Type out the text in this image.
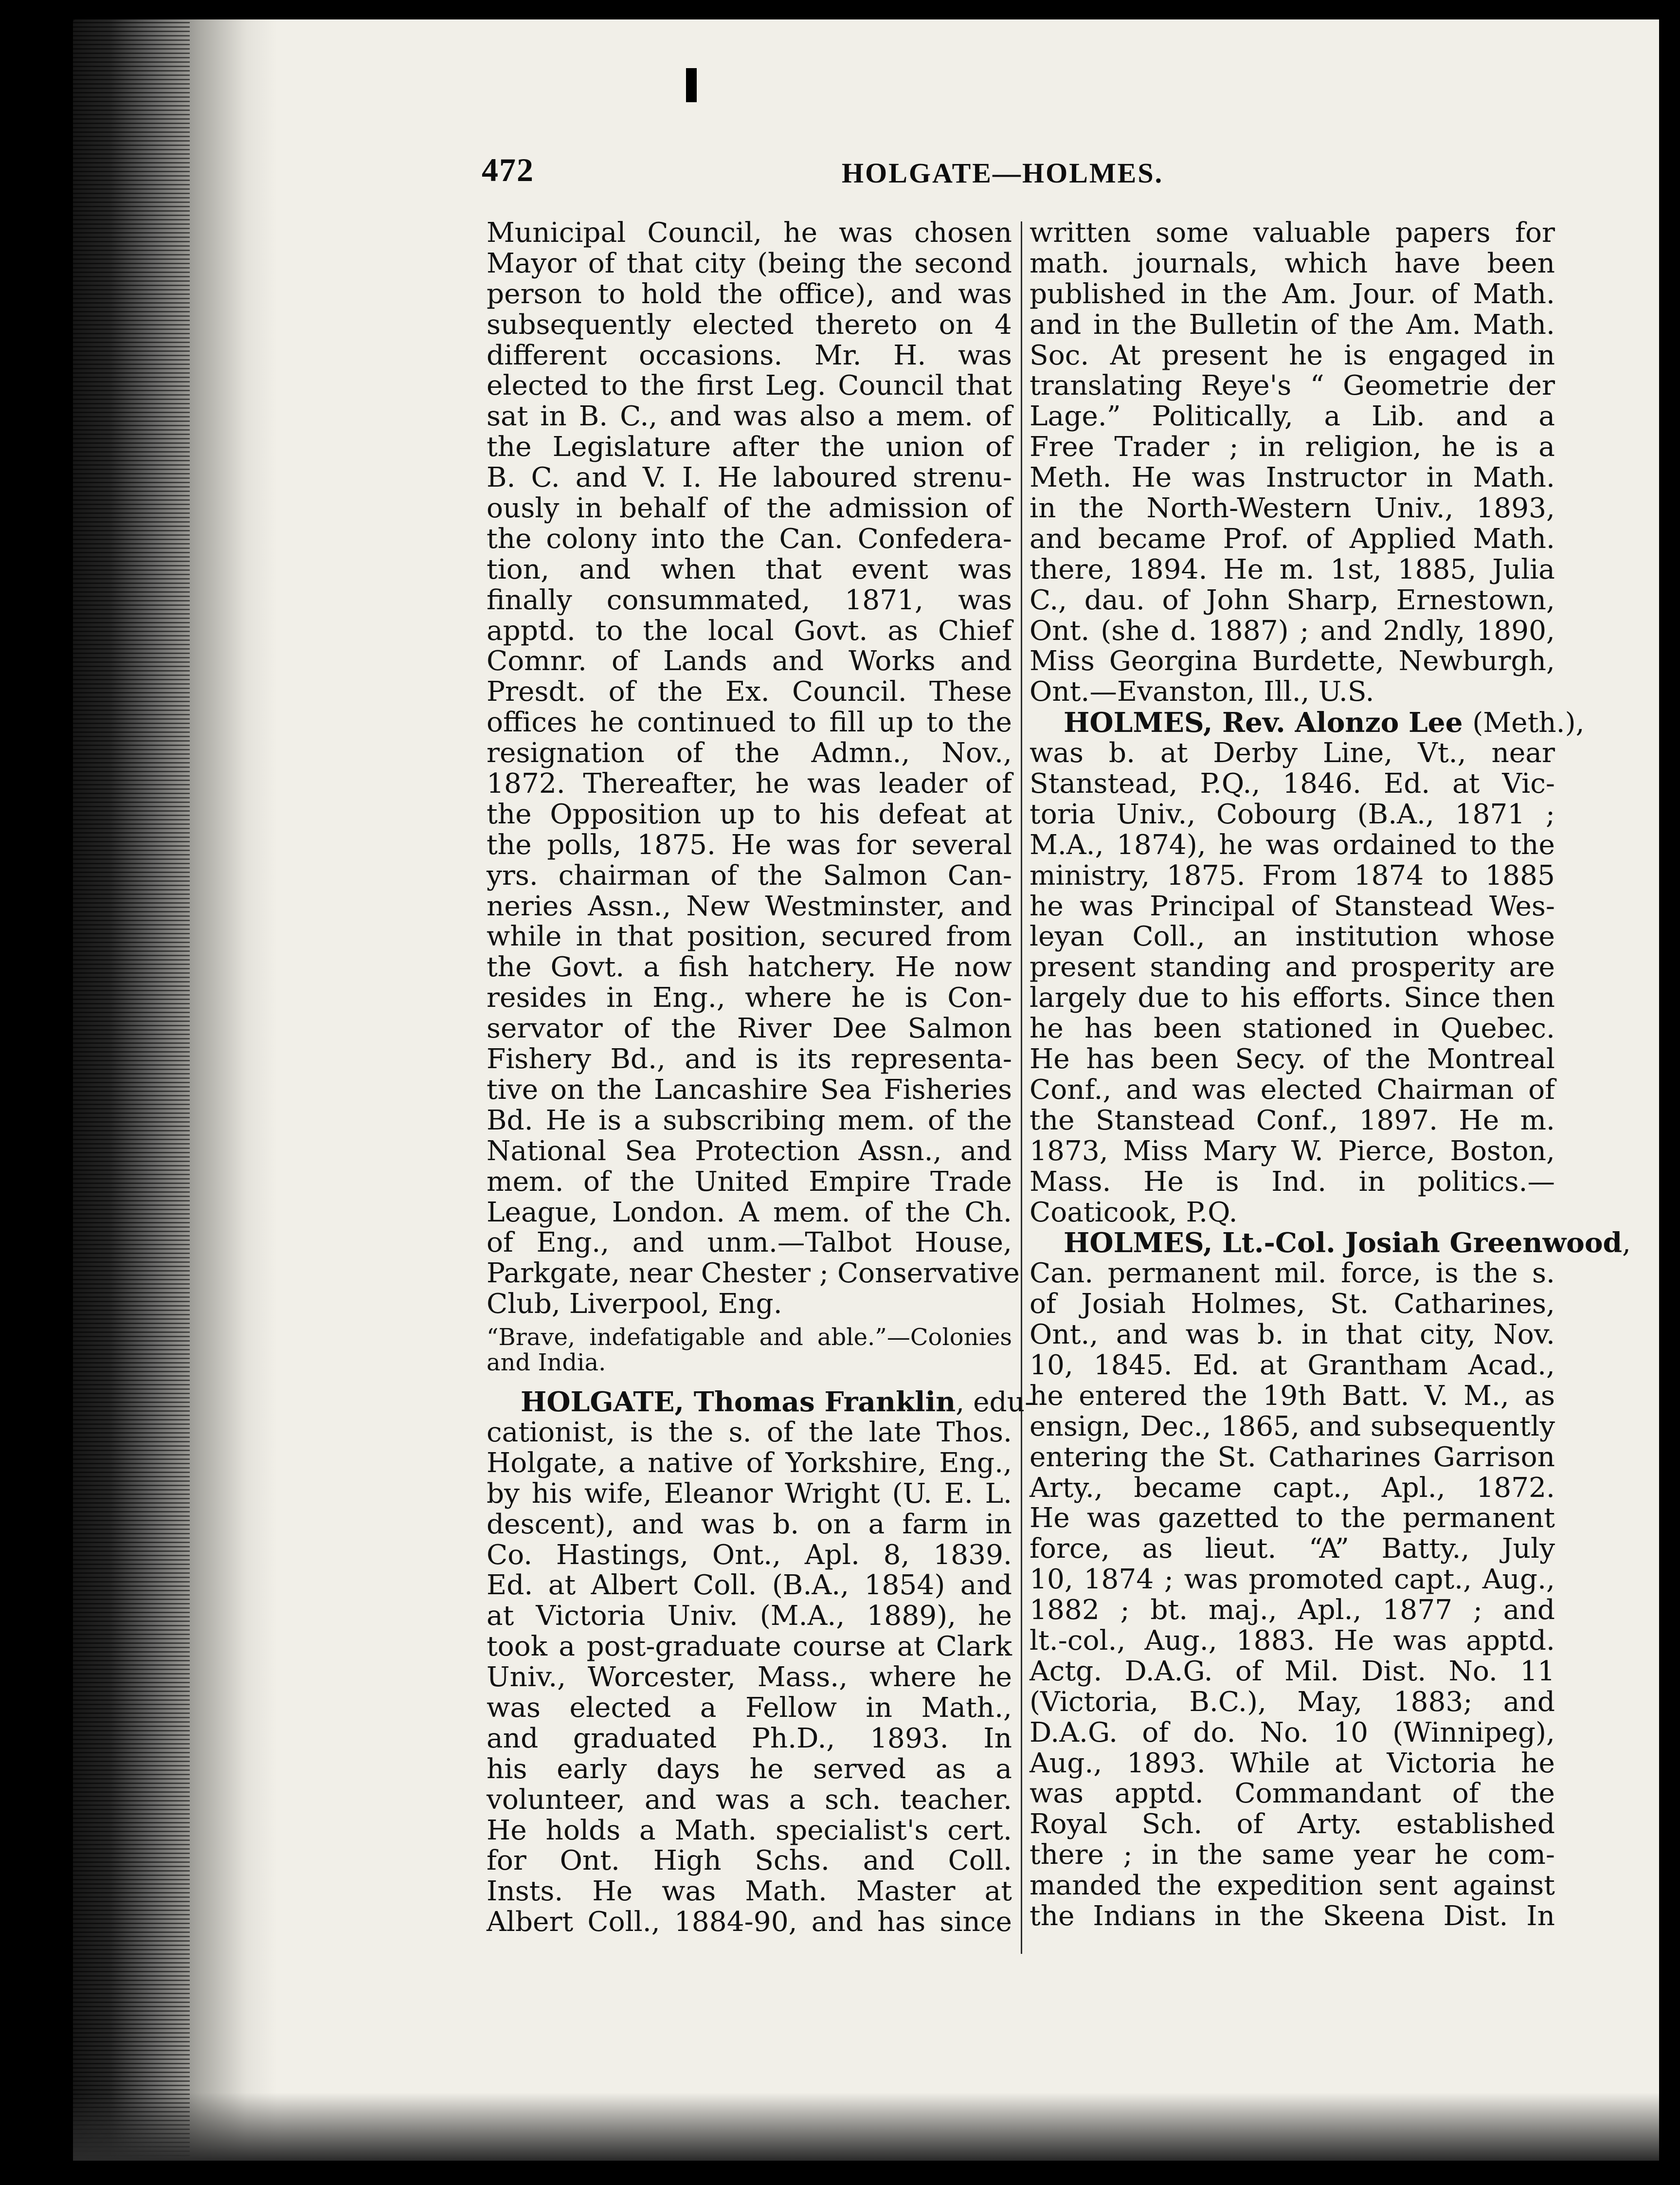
472	HOLGATE—HOLMES.
Municipal Council, he was chosen
Mayor of that city (being the second
person to hold the office), and was
subsequently elected thereto on 4
different occasions. Mr. H. was
elected to the first Leg. Council that
sat in B. C., and was also a mem. of
the Legislature after the union of
B. C. and V. I. He laboured strenu-
ously in behalf of the admission of
the colony into the Can. Confedera-
tion, and when that event was
finally consummated, 1871, was
apptd. to the local Govt. as Chief
Comnr. of Lands and Works and
Presdt. of the Ex. Council. These
offices he continued to fill up to the
resignation of the Admn., Nov.,
1872. Thereafter, he was leader of
the Opposition up to his defeat at
the polls, 1875. He was for several
yrs. chairman of the Salmon Can-
neries Assn., New Westminster, and
while in that position, secured from
the Govt. a fish hatchery. He now
resides in Eng., where he is Con-
servator of the River Dee Salmon
Fishery Bd., and is its representa-
tive on the Lancashire Sea Fisheries
Bd. He is a subscribing mem. of the
National Sea Protection Assn., and
mem. of the United Empire Trade
League, London. A mem. of the Ch.
of Eng., and unm.—Talbot House,
Parkgate, near Chester ; Conservative
Club, Liverpool, Eng.
“Brave, indefatigable and able.”—Colonies
and India.
HOLGATE, Thomas Franklin, edu-
cationist, is the s. of the late Thos.
Holgate, a native of Yorkshire, Eng.,
by his wife, Eleanor Wright (U. E. L.
descent), and was b. on a farm in
Co. Hastings, Ont., Apl. 8, 1839.
Ed. at Albert Coll. (B.A., 1854) and
at Victoria Univ. (M.A., 1889), he
took a post-graduate course at Clark
Univ., Worcester, Mass., where he
was elected a Fellow in Math.,
and graduated Ph.D., 1893. In
his early days he served as a
volunteer, and was a sch. teacher.
He holds a Math. specialist's cert.
for Ont. High Schs. and Coll.
Insts. He was Math. Master at
Albert Coll., 1884-90, and has since
written some valuable papers for
math. journals, which have been
published in the Am. Jour. of Math.
and in the Bulletin of the Am. Math.
Soc. At present he is engaged in
translating Reye's “ Geometrie der
Lage.” Politically, a Lib. and a
Free Trader ; in religion, he is a
Meth. He was Instructor in Math.
in the North-Western Univ., 1893,
and became Prof. of Applied Math.
there, 1894. He m. 1st, 1885, Julia
C., dau. of John Sharp, Ernestown,
Ont. (she d. 1887) ; and 2ndly, 1890,
Miss Georgina Burdette, Newburgh,
Ont.—Evanston, Ill., U.S.
HOLMES, Rev. Alonzo Lee (Meth.),
was b. at Derby Line, Vt., near
Stanstead, P.Q., 1846. Ed. at Vic-
toria Univ., Cobourg (B.A., 1871 ;
M.A., 1874), he was ordained to the
ministry, 1875. From 1874 to 1885
he was Principal of Stanstead Wes-
leyan Coll., an institution whose
present standing and prosperity are
largely due to his efforts. Since then
he has been stationed in Quebec.
He has been Secy. of the Montreal
Conf., and was elected Chairman of
the Stanstead Conf., 1897. He m.
1873, Miss Mary W. Pierce, Boston,
Mass. He is Ind. in politics.—
Coaticook, P.Q.
HOLMES, Lt.-Col. Josiah Greenwood
Can. permanent mil. force, is the s.
of Josiah Holmes, St. Catharines,
Ont., and was b. in that city, Nov.
10, 1845. Ed. at Grantham Acad.,
he entered the 19th Batt. V. M., as
ensign, Dec., 1865, and subsequently
entering the St. Catharines Garrison
Arty., became capt., Apl., 1872.
He was gazetted to the permanent
force, as lieut. “A” Batty., July
10, 1874 ; was promoted capt., Aug.,
1882 ; bt. maj., Apl., 1877 ; and
lt.-col., Aug., 1883. He was apptd.
Actg. D.A.G. of Mil. Dist. No. 11
(Victoria, B.C.), May, 1883; and
D.A.G. of do. No. 10 (Winnipeg),
Aug., 1893. While at Victoria he
was apptd. Commandant of the
Royal Sch. of Arty. established
there ; in the same year he com-
manded the expedition sent against
the Indians in the Skeena Dist. In
